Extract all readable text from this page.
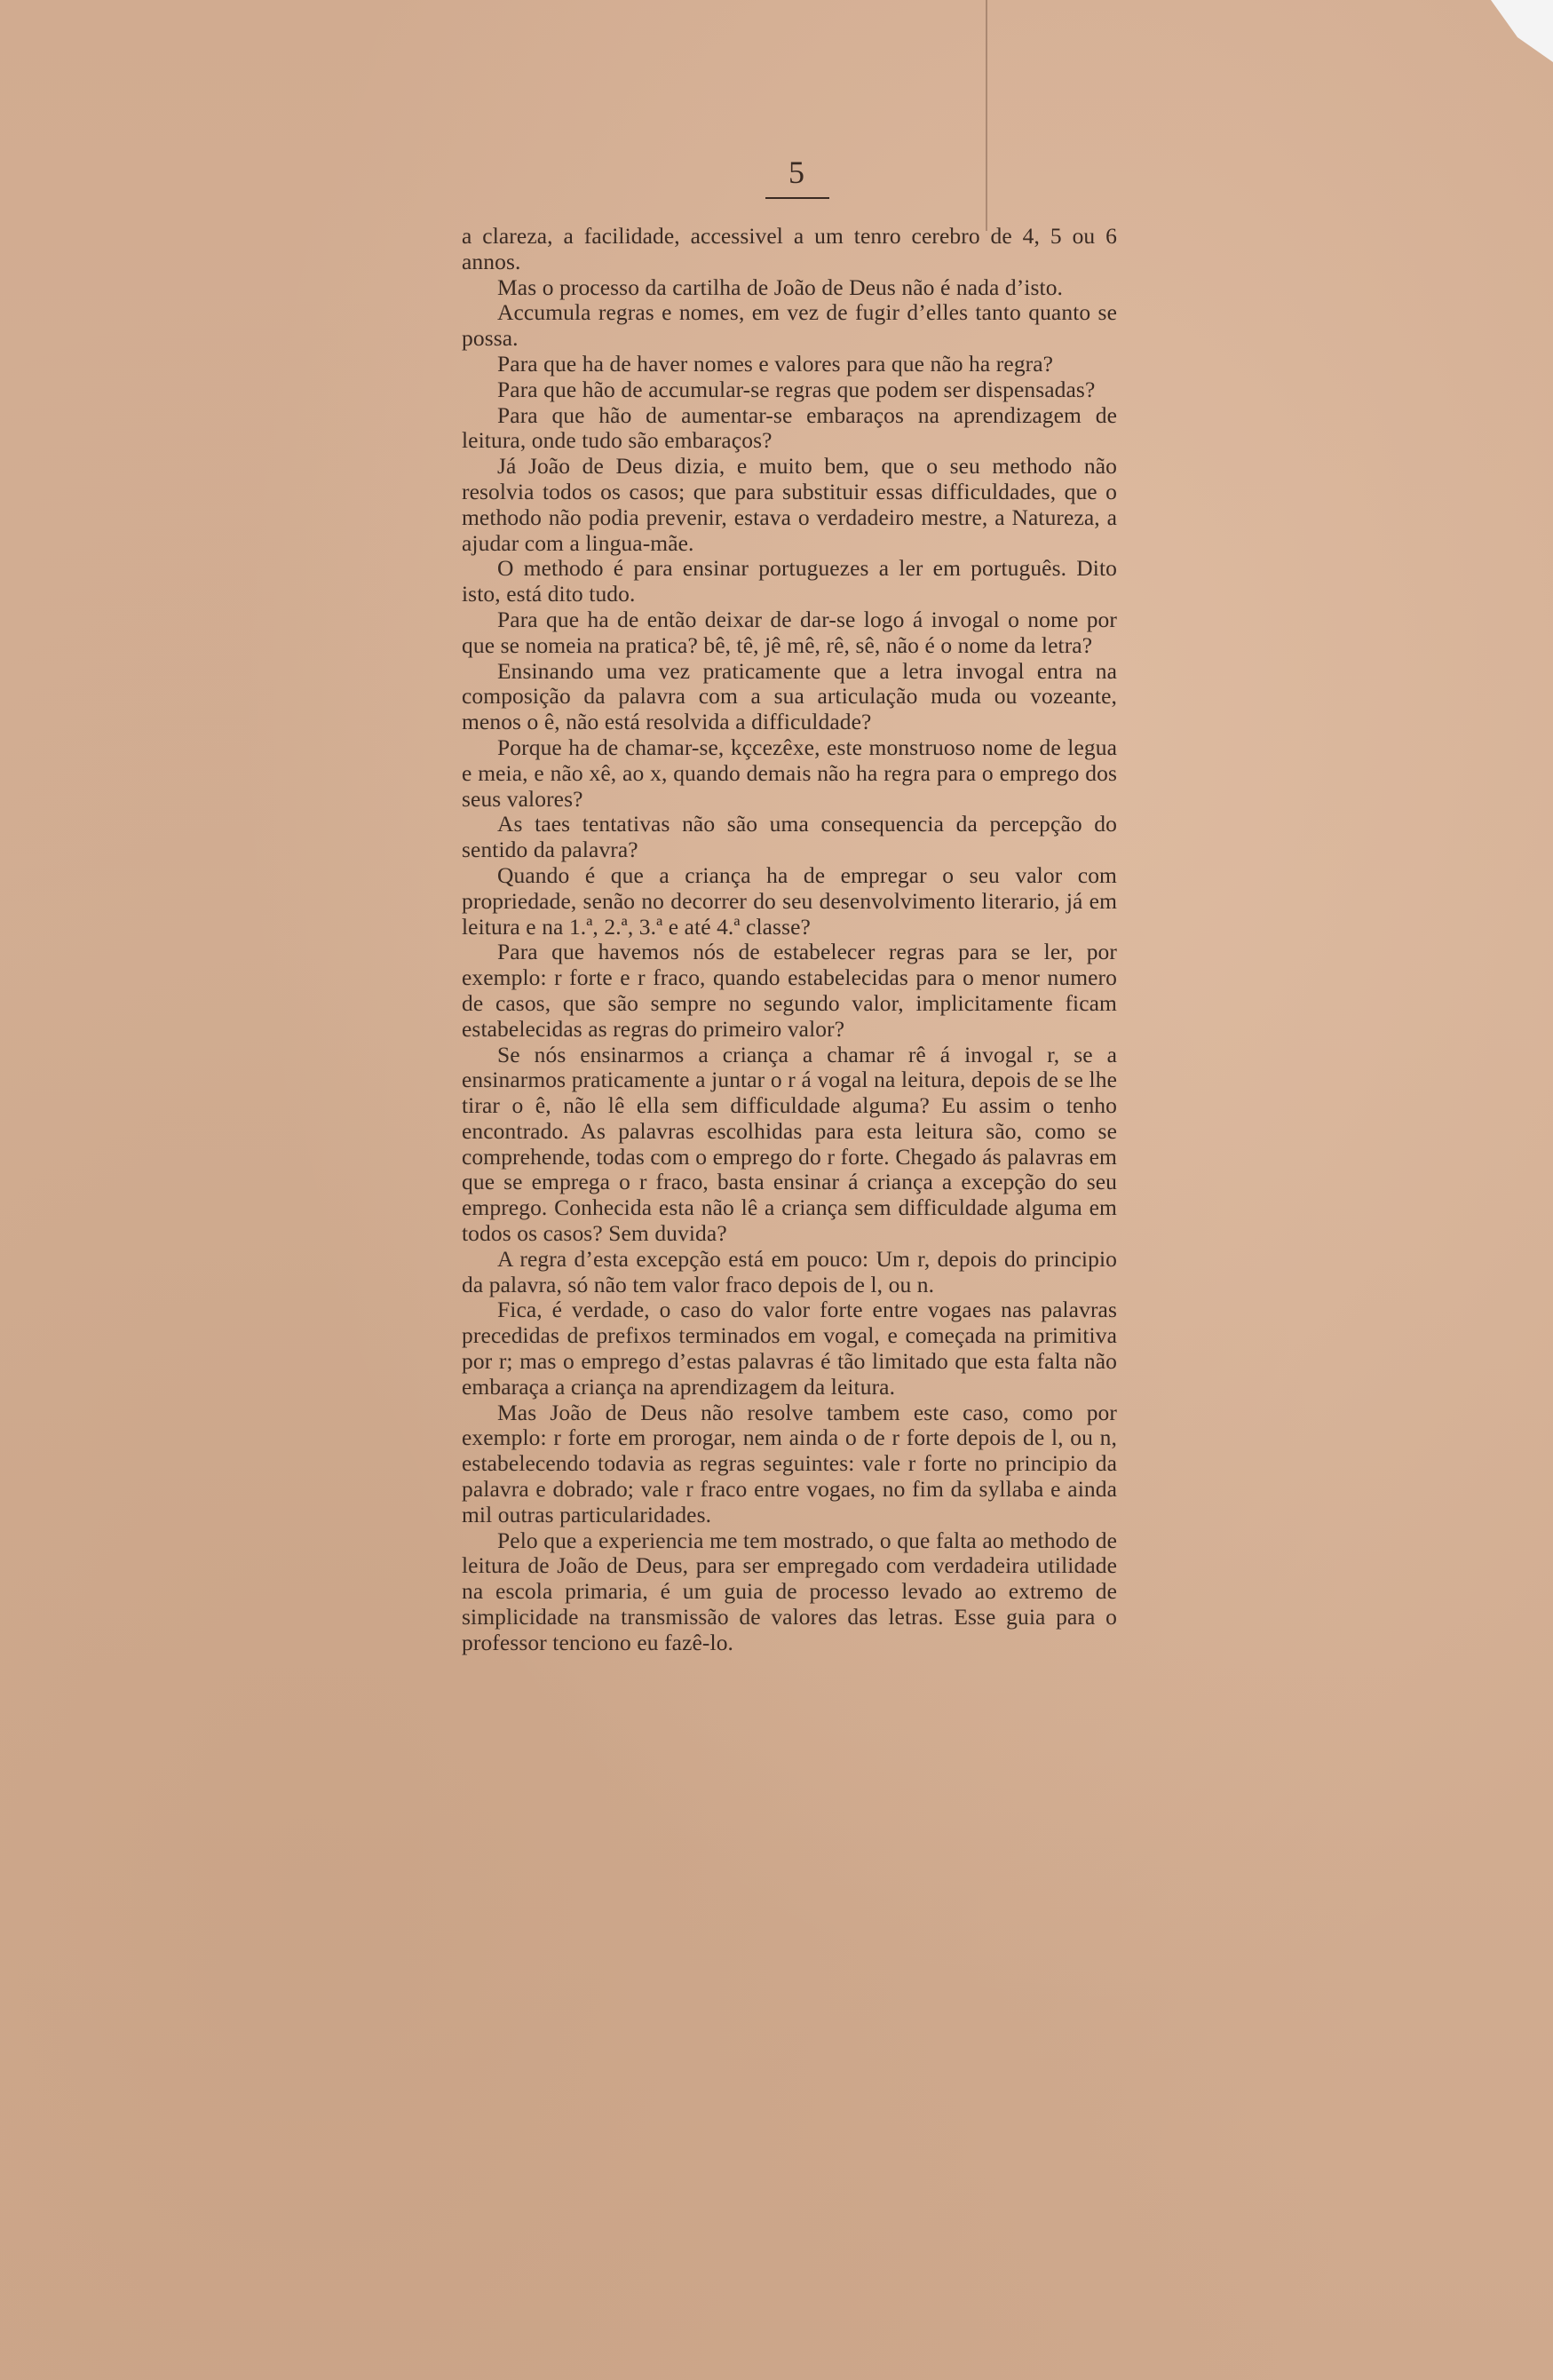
5

a clareza, a facilidade, accessivel a um tenro cerebro de 4, 5 ou 6 annos.

Mas o processo da cartilha de João de Deus não é nada d’isto.

Accumula regras e nomes, em vez de fugir d’elles tanto quanto se possa.

Para que ha de haver nomes e valores para que não ha regra?

Para que hão de accumular-se regras que podem ser dispensadas?

Para que hão de aumentar-se embaraços na aprendizagem de leitura, onde tudo são embaraços?

Já João de Deus dizia, e muito bem, que o seu methodo não resolvia todos os casos; que para substituir essas difficuldades, que o methodo não podia prevenir, estava o verdadeiro mestre, a Natureza, a ajudar com a lingua-mãe.

O methodo é para ensinar portuguezes a ler em português. Dito isto, está dito tudo.

Para que ha de então deixar de dar-se logo á invogal o nome por que se nomeia na pratica? bê, tê, jê mê, rê, sê, não é o nome da letra?

Ensinando uma vez praticamente que a letra invogal entra na composição da palavra com a sua articulação muda ou vozeante, menos o ê, não está resolvida a difficuldade?

Porque ha de chamar-se, kçcezêxe, este monstruoso nome de legua e meia, e não xê, ao x, quando demais não ha regra para o emprego dos seus valores?

As taes tentativas não são uma consequencia da percepção do sentido da palavra?

Quando é que a criança ha de empregar o seu valor com propriedade, senão no decorrer do seu desenvolvimento literario, já em leitura e na 1.ª, 2.ª, 3.ª e até 4.ª classe?

Para que havemos nós de estabelecer regras para se ler, por exemplo: r forte e r fraco, quando estabelecidas para o menor numero de casos, que são sempre no segundo valor, implicitamente ficam estabelecidas as regras do primeiro valor?

Se nós ensinarmos a criança a chamar rê á invogal r, se a ensinarmos praticamente a juntar o r á vogal na leitura, depois de se lhe tirar o ê, não lê ella sem difficuldade alguma? Eu assim o tenho encontrado. As palavras escolhidas para esta leitura são, como se comprehende, todas com o emprego do r forte. Chegado ás palavras em que se emprega o r fraco, basta ensinar á criança a excepção do seu emprego. Conhecida esta não lê a criança sem difficuldade alguma em todos os casos? Sem duvida?

A regra d’esta excepção está em pouco: Um r, depois do principio da palavra, só não tem valor fraco depois de l, ou n.

Fica, é verdade, o caso do valor forte entre vogaes nas palavras precedidas de prefixos terminados em vogal, e começada na primitiva por r; mas o emprego d’estas palavras é tão limitado que esta falta não embaraça a criança na aprendizagem da leitura.

Mas João de Deus não resolve tambem este caso, como por exemplo: r forte em prorogar, nem ainda o de r forte depois de l, ou n, estabelecendo todavia as regras seguintes: vale r forte no principio da palavra e dobrado; vale r fraco entre vogaes, no fim da syllaba e ainda mil outras particularidades.

Pelo que a experiencia me tem mostrado, o que falta ao methodo de leitura de João de Deus, para ser empregado com verdadeira utilidade na escola primaria, é um guia de processo levado ao extremo de simplicidade na transmissão de valores das letras. Esse guia para o professor tenciono eu fazê-lo.
